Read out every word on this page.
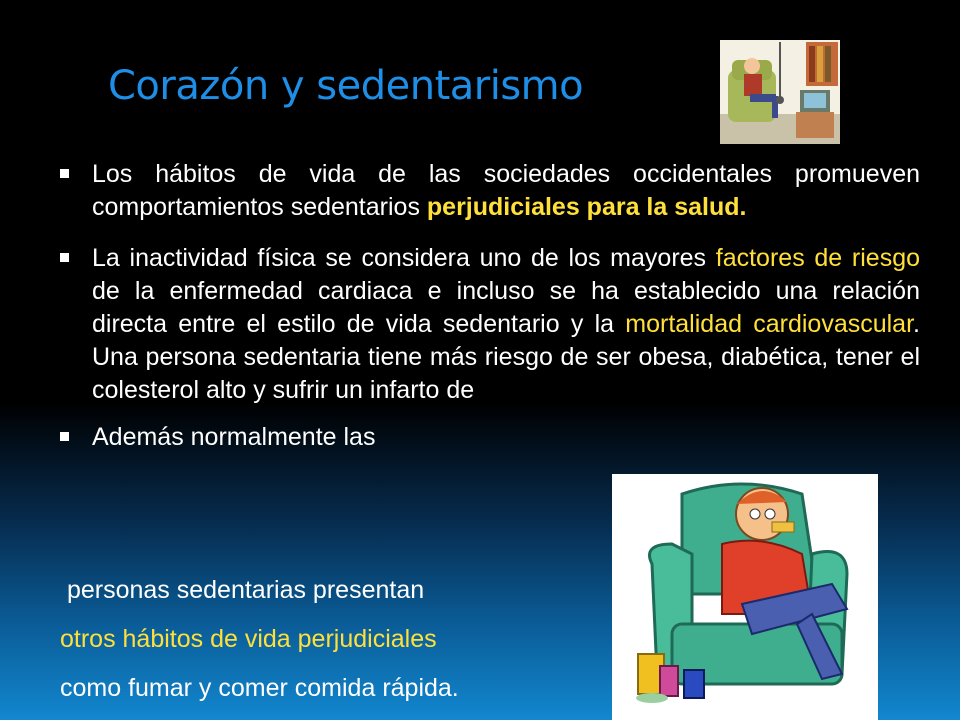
Corazón y sedentarismo
Los hábitos de vida de las sociedades occidentales promueven comportamientos sedentarios perjudiciales para la salud.
La inactividad física se considera uno de los mayores factores de riesgo de la enfermedad cardiaca e incluso se ha establecido una relación directa entre el estilo de vida sedentario y la mortalidad cardiovascular. Una persona sedentaria tiene más riesgo de ser obesa, diabética, tener el colesterol alto y sufrir un infarto de
Además normalmente las
personas sedentarias presentan
otros hábitos de vida perjudiciales
como fumar y comer comida rápida.
